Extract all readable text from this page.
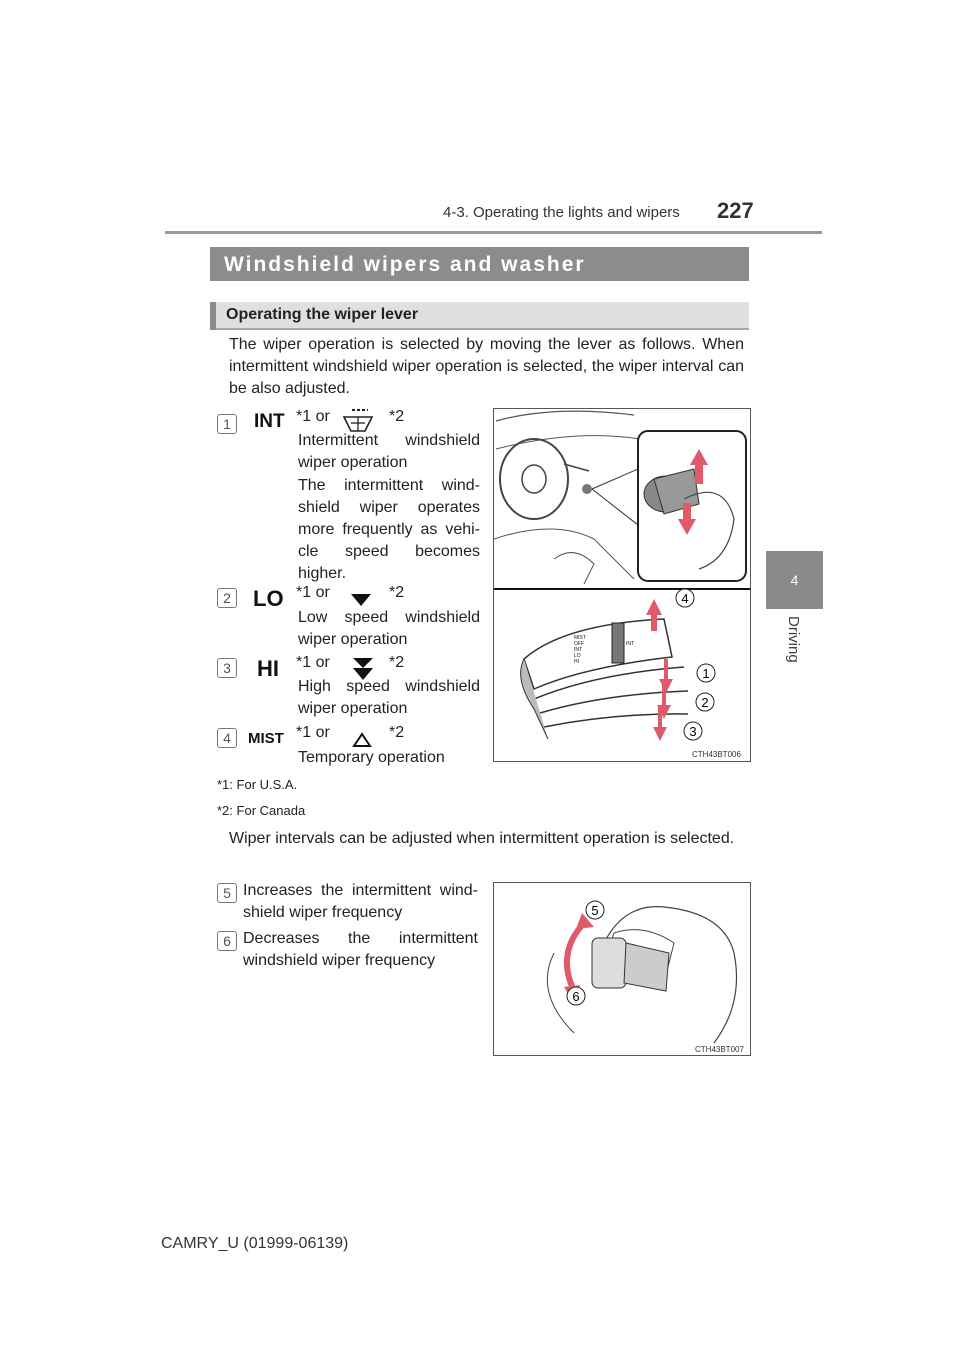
4-3. Operating the lights and wipers 227
4
Driving
Windshield wipers and washer
Operating the wiper lever
The wiper operation is selected by moving the lever as follows. When intermittent windshield wiper operation is selected, the wiper interval can be also adjusted.
1	INT *1 or	*2
Intermittent windshield wiper operation
The intermittent wind-shield wiper operates more frequently as vehi-cle speed becomes higher.
2 LO *1 or	*2
Low speed windshield wiper operation
3 HI *1 or	*2
High speed windshield wiper operation
4	MIST *1 or	*2
Temporary operation
*1: For U.S.A.
*2: For Canada
MIST
OFF
INT
LO
HI
INT
4
1
2
3
CTH43BT006
Wiper intervals can be adjusted when intermittent operation is selected.
5 Increases the intermittent wind-shield wiper frequency
6 Decreases the intermittent windshield wiper frequency
5
6
CTH43BT007
CAMRY_U (01999-06139)
